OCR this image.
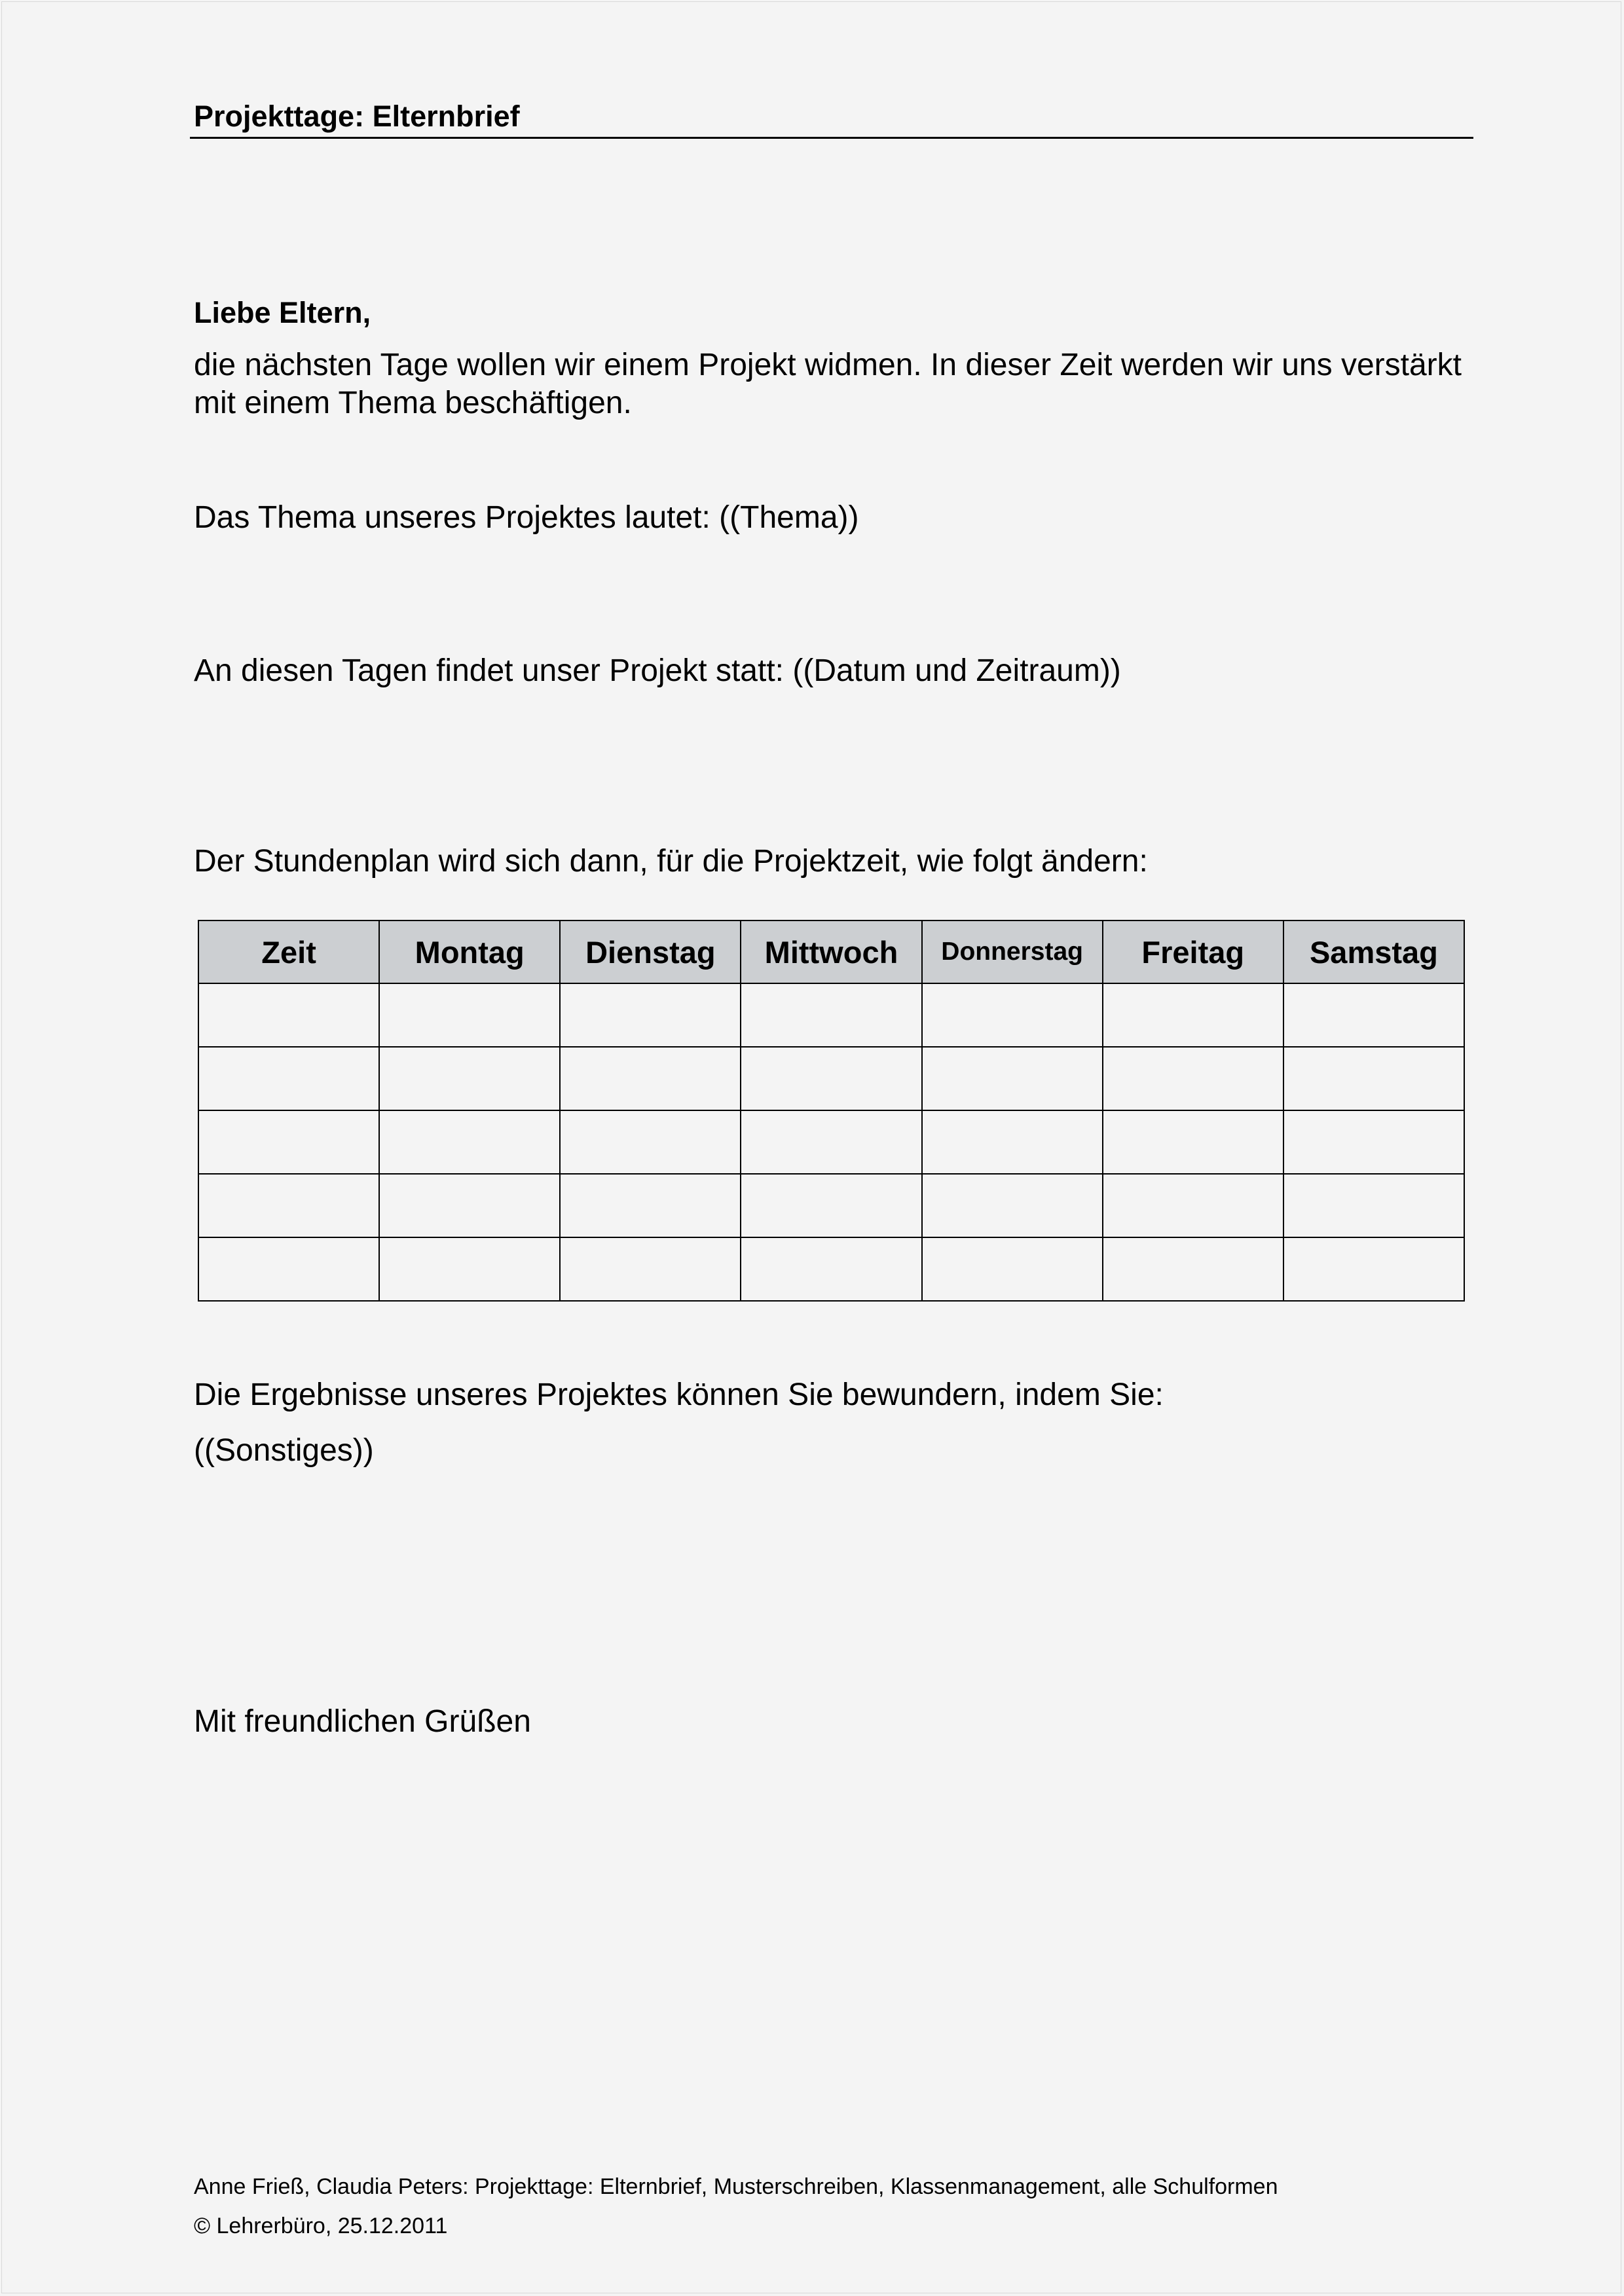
Projekttage: Elternbrief
Liebe Eltern,
die nächsten Tage wollen wir einem Projekt widmen. In dieser Zeit werden wir uns verstärkt mit einem Thema beschäftigen.
Das Thema unseres Projektes lautet: ((Thema))
An diesen Tagen findet unser Projekt statt: ((Datum und Zeitraum))
Der Stundenplan wird sich dann, für die Projektzeit, wie folgt ändern:
Zeit	Montag	Dienstag	Mittwoch	Donnerstag	Freitag	Samstag

Die Ergebnisse unseres Projektes können Sie bewundern, indem Sie:
((Sonstiges))
Mit freundlichen Grüßen
Anne Frieß, Claudia Peters: Projekttage: Elternbrief, Musterschreiben, Klassenmanagement, alle Schulformen
© Lehrerbüro, 25.12.2011
